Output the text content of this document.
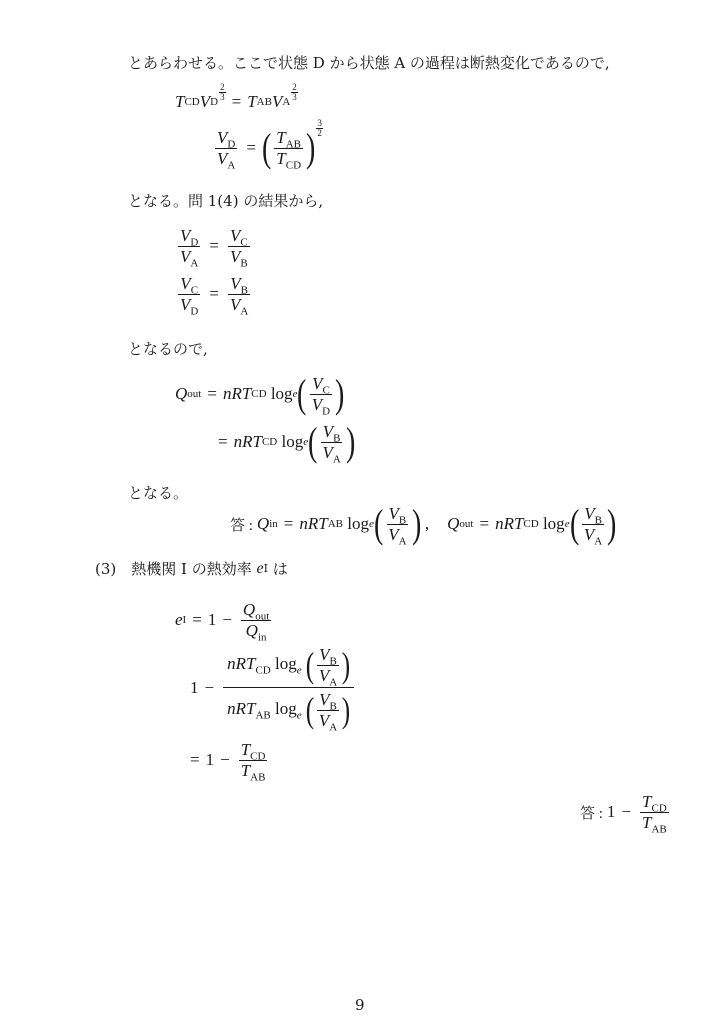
とあらわせる。ここで状態 D から状態 A の過程は断熱変化であるので,
T CD V D
$\frac{2}{3} = T$ AB V A
2
3
$\frac{V_D}{V_A}$ = ( $\frac{T_{AB}}{T_{CD}}$ )
3
2
となる。問 1(4) の結果から,
$\frac{V_D}{V_A} = \frac{V_C}{V_B}$
$\frac{V_C}{V_D} = \frac{V_B}{V_A}$
となるので,
Q out = n R T CD
log e ( $\frac{V_C}{V_D}$ )
= n R T CD
log e ( $\frac{V_B}{V_A}$ )
となる。
答 : Q in = n R T AB
log e ( $\frac{V_B}{V_A}$ ) , Q out = n R T CD
log e ( $\frac{V_B}{V_A}$ )
(3) 熱機関 I の熱効率
e I
は
e $I = 1 - \frac{Q_{out}}{Q_{in}}$
$1 - \frac{nRT_{CD} \log_e ( \frac{V_B}{V_A} )}{nRT_{AB} \log_e ( \frac{V_B}{V_A} )}$
= $1 - \frac{T_{CD}}{T_{AB}}$
答 : $1 - \frac{T_{CD}}{T_{AB}}$
9
